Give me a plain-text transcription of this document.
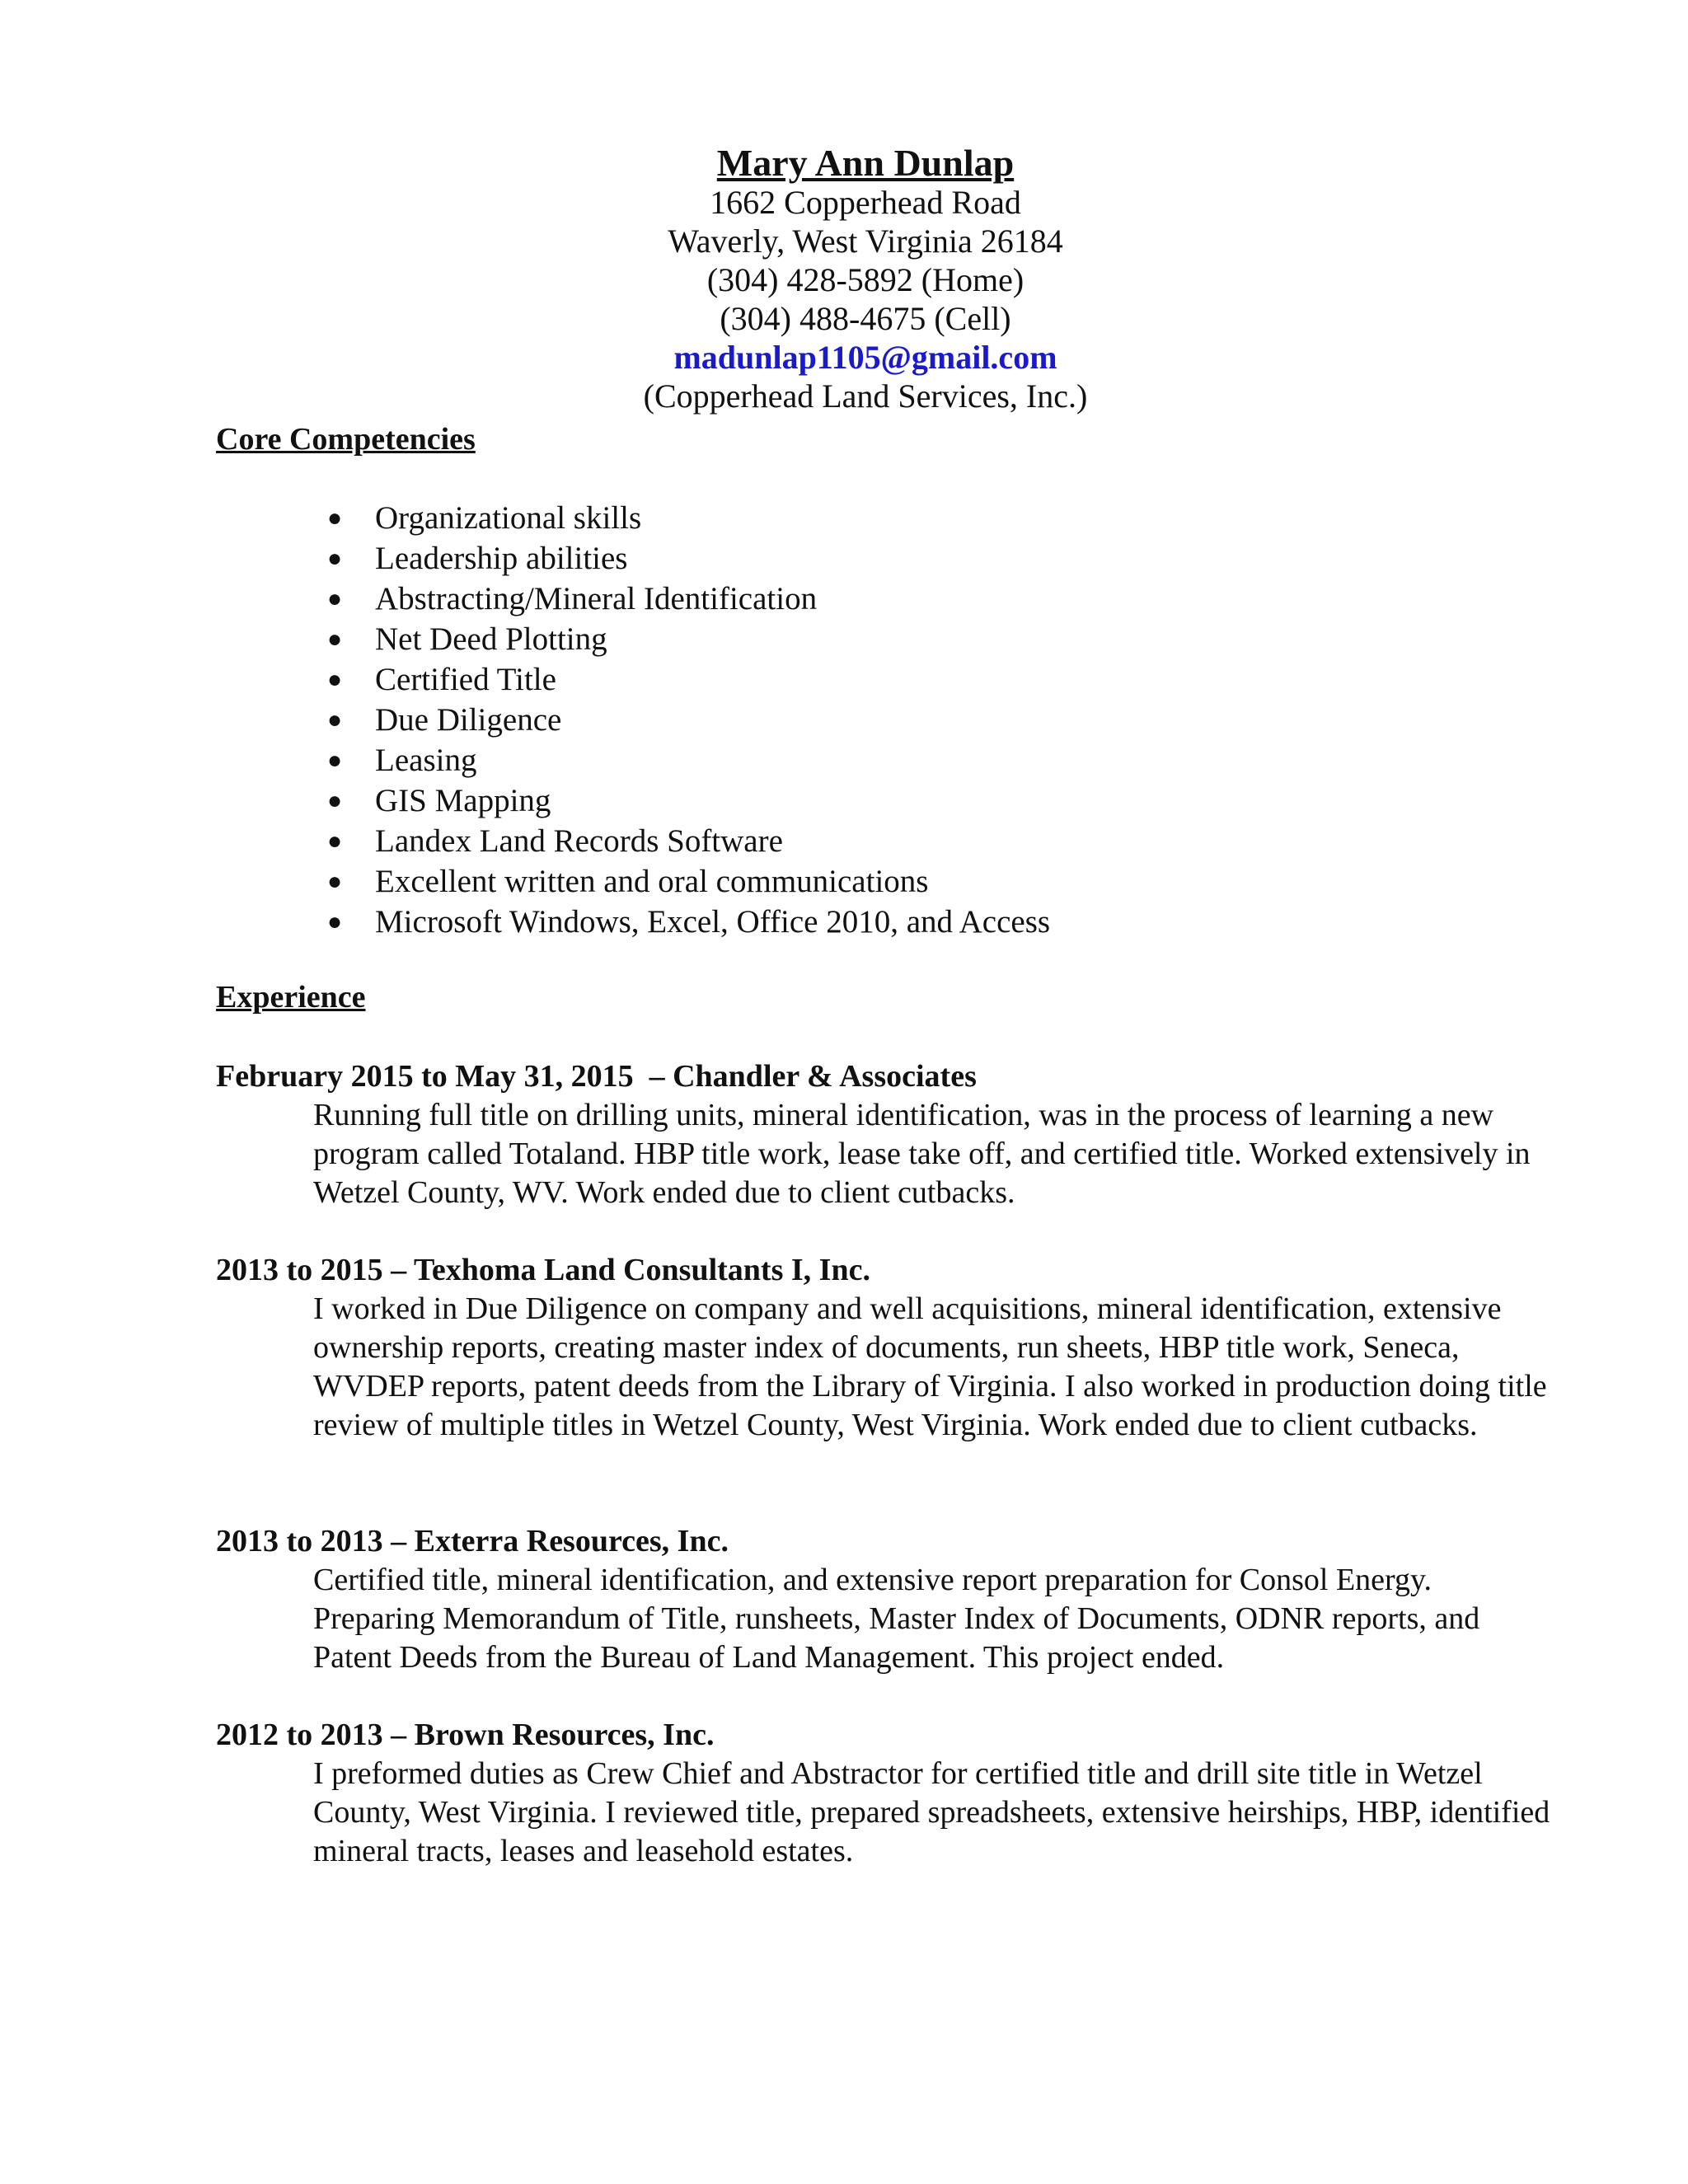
Mary Ann Dunlap
1662 Copperhead Road
Waverly, West Virginia 26184
(304) 428-5892 (Home)
(304) 488-4675 (Cell)
madunlap1105@gmail.com
(Copperhead Land Services, Inc.)
Core Competencies
● Organizational skills
● Leadership abilities
● Abstracting/Mineral Identification
● Net Deed Plotting
● Certified Title
● Due Diligence
● Leasing
● GIS Mapping
● Landex Land Records Software
● Excellent written and oral communications
● Microsoft Windows, Excel, Office 2010, and Access
Experience
February 2015 to May 31, 2015  – Chandler & Associates
Running full title on drilling units, mineral identification, was in the process of learning a new program called Totaland. HBP title work, lease take off, and certified title. Worked extensively in Wetzel County, WV. Work ended due to client cutbacks.
2013 to 2015 – Texhoma Land Consultants I, Inc.
I worked in Due Diligence on company and well acquisitions, mineral identification, extensive ownership reports, creating master index of documents, run sheets, HBP title work, Seneca, WVDEP reports, patent deeds from the Library of Virginia. I also worked in production doing title review of multiple titles in Wetzel County, West Virginia. Work ended due to client cutbacks.
2013 to 2013 – Exterra Resources, Inc.
Certified title, mineral identification, and extensive report preparation for Consol Energy. Preparing Memorandum of Title, runsheets, Master Index of Documents, ODNR reports, and Patent Deeds from the Bureau of Land Management. This project ended.
2012 to 2013 – Brown Resources, Inc.
I preformed duties as Crew Chief and Abstractor for certified title and drill site title in Wetzel County, West Virginia. I reviewed title, prepared spreadsheets, extensive heirships, HBP, identified mineral tracts, leases and leasehold estates.
